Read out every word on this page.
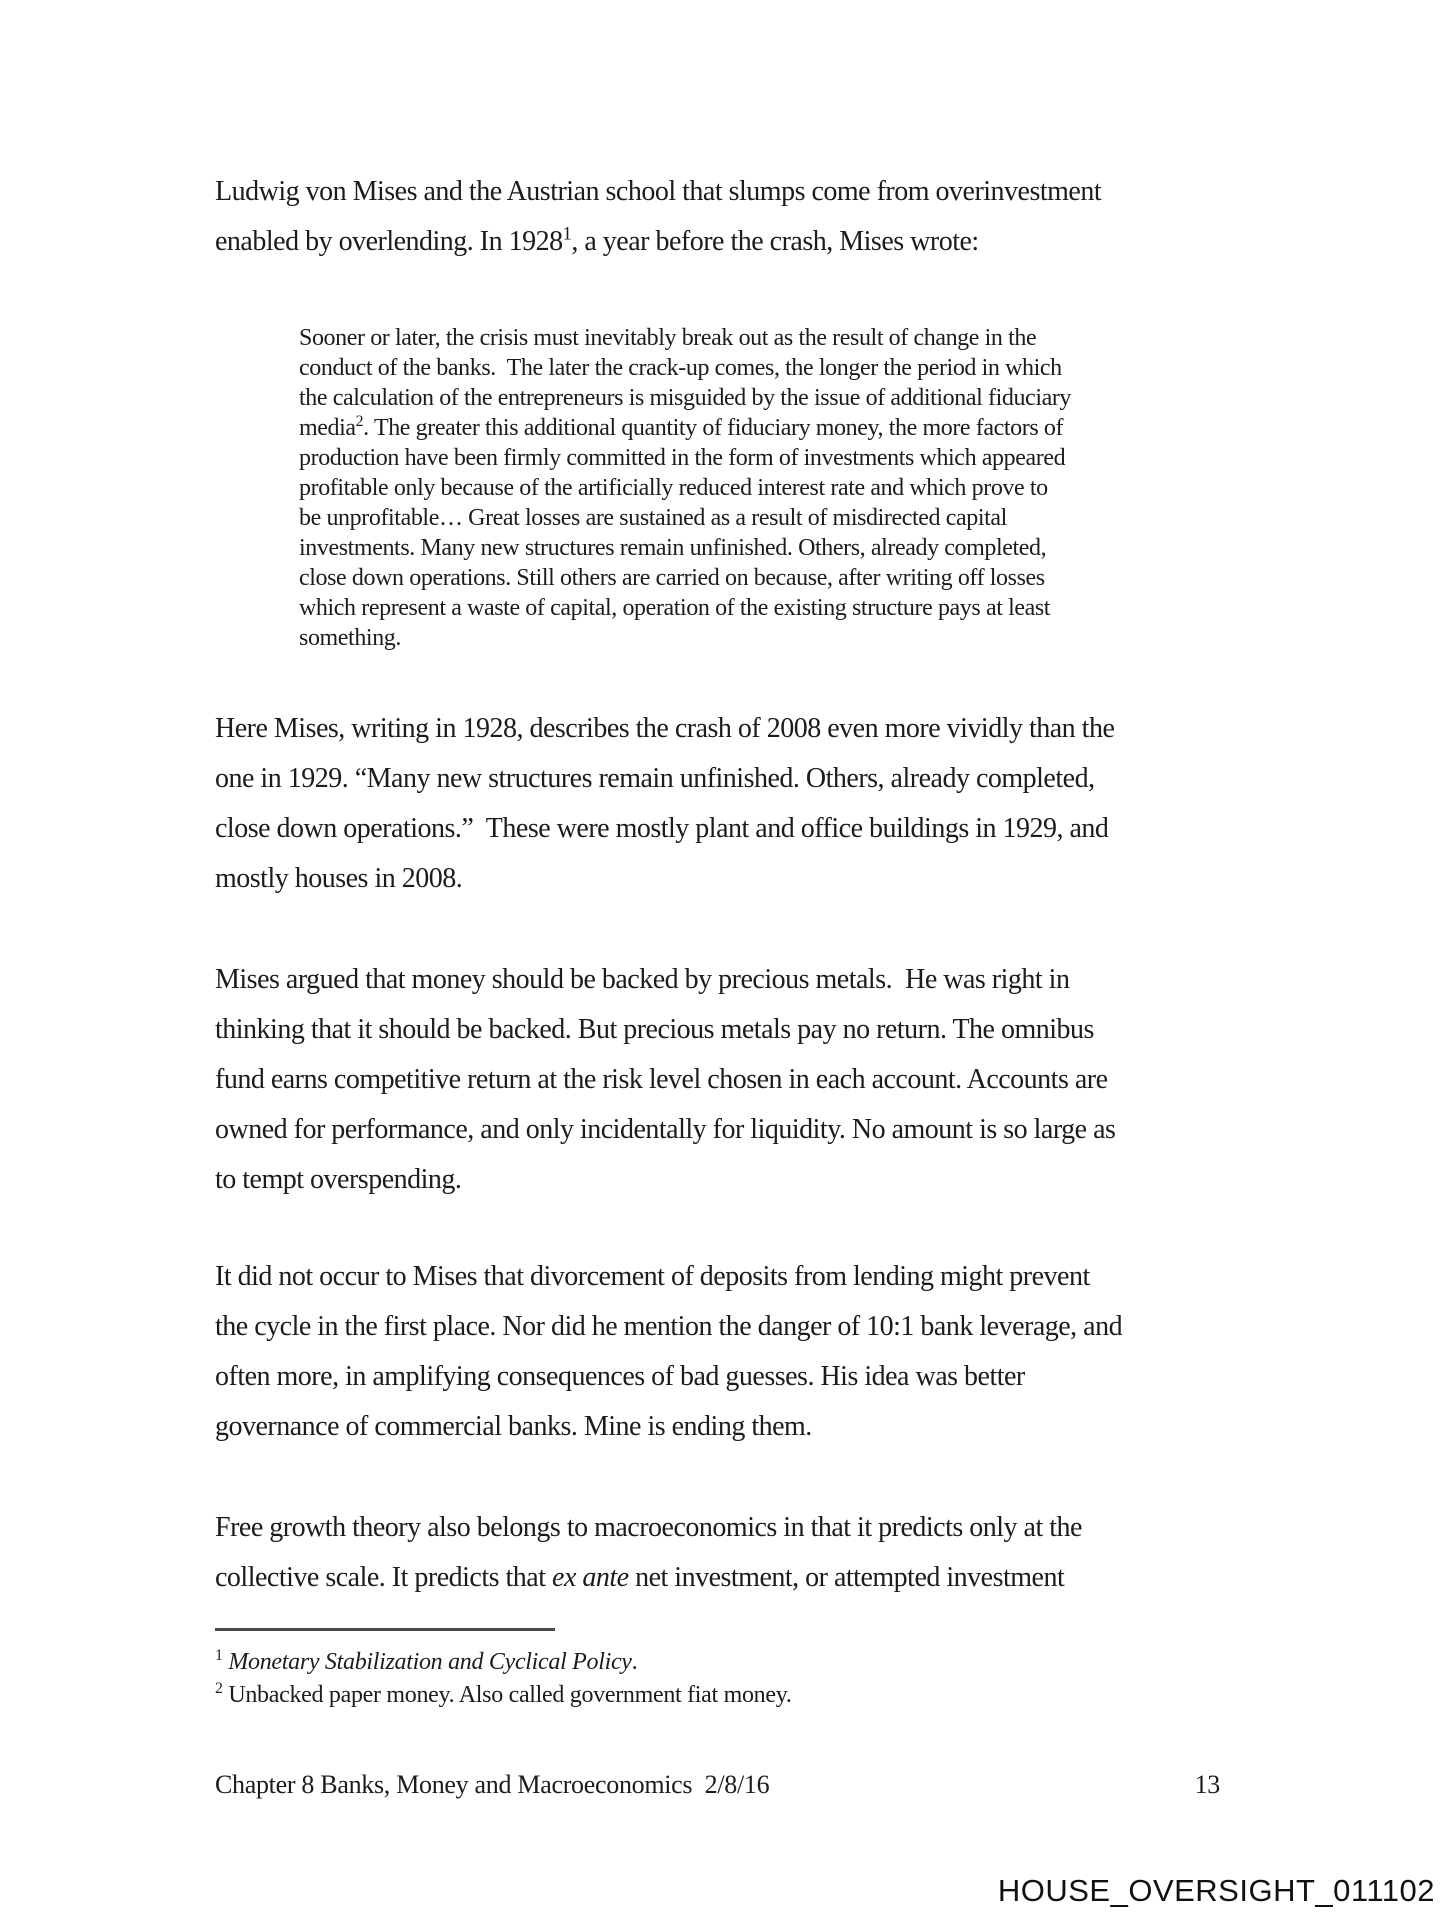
Ludwig von Mises and the Austrian school that slumps come from overinvestment
enabled by overlending. In 1928$^1$, a year before the crash, Mises wrote:
Sooner or later, the crisis must inevitably break out as the result of change in the
conduct of the banks.  The later the crack-up comes, the longer the period in which
the calculation of the entrepreneurs is misguided by the issue of additional fiduciary
media$^2$. The greater this additional quantity of fiduciary money, the more factors of
production have been firmly committed in the form of investments which appeared
profitable only because of the artificially reduced interest rate and which prove to
be unprofitable… Great losses are sustained as a result of misdirected capital
investments. Many new structures remain unfinished. Others, already completed,
close down operations. Still others are carried on because, after writing off losses
which represent a waste of capital, operation of the existing structure pays at least
something.
Here Mises, writing in 1928, describes the crash of 2008 even more vividly than the
one in 1929. “Many new structures remain unfinished. Others, already completed,
close down operations.”  These were mostly plant and office buildings in 1929, and
mostly houses in 2008.
Mises argued that money should be backed by precious metals.  He was right in
thinking that it should be backed. But precious metals pay no return. The omnibus
fund earns competitive return at the risk level chosen in each account. Accounts are
owned for performance, and only incidentally for liquidity. No amount is so large as
to tempt overspending.
It did not occur to Mises that divorcement of deposits from lending might prevent
the cycle in the first place. Nor did he mention the danger of 10:1 bank leverage, and
often more, in amplifying consequences of bad guesses. His idea was better
governance of commercial banks. Mine is ending them.
Free growth theory also belongs to macroeconomics in that it predicts only at the
collective scale. It predicts that ex ante net investment, or attempted investment
$^1$ Monetary Stabilization and Cyclical Policy.
$^2$ Unbacked paper money. Also called government fiat money.
Chapter 8 Banks, Money and Macroeconomics  2/8/16	13
HOUSE_OVERSIGHT_011102
